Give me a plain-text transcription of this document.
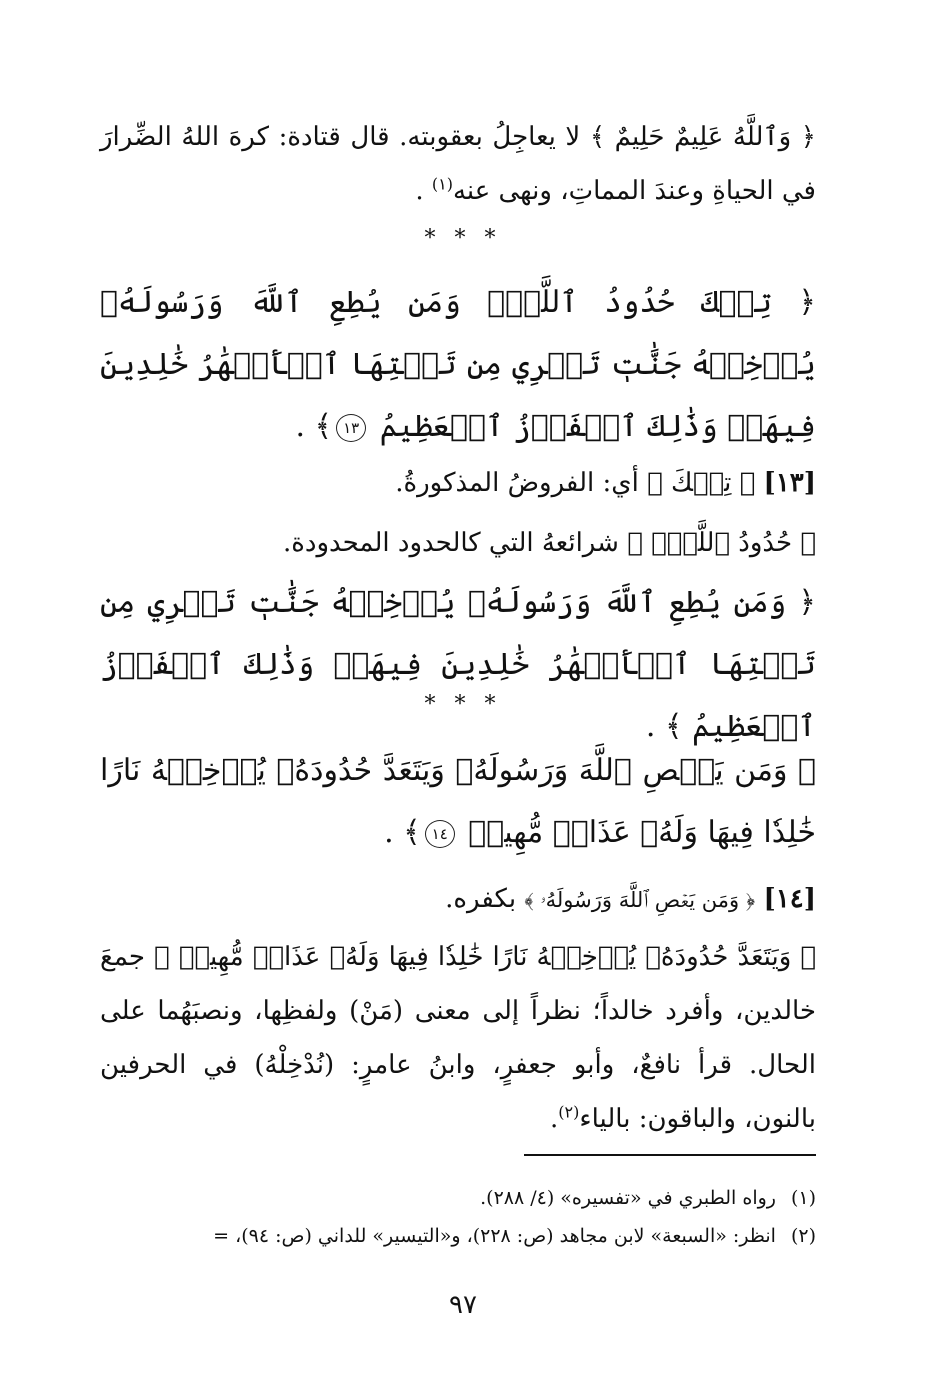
﴿ وَٱللَّهُ عَلِيمٌ حَلِيمٌ ﴾ لا يعاجِلُ بعقوبته. قال قتادة: كرهَ اللهُ الضِّرارَ في الحياةِ وعندَ المماتِ، ونهى عنه$^{(١)}$ .
* * *
﴿ تِلۡكَ حُدُودُ ٱللَّهِۚ وَمَن يُطِعِ ٱللَّهَ وَرَسُولَهُۥ يُدۡخِلۡهُ جَنَّٰتٖ تَجۡرِي مِن تَحۡتِهَا ٱلۡأَنۡهَٰرُ خَٰلِدِينَ فِيهَاۚ وَذَٰلِكَ ٱلۡفَوۡزُ ٱلۡعَظِيمُ ١٣﴾ .
[١٣] ﴿ تِلۡكَ ﴾ أي: الفروضُ المذكورةُ.
﴿ حُدُودُ ٱللَّهِۚ ﴾ شرائعهُ التي كالحدود المحدودة.
﴿ وَمَن يُطِعِ ٱللَّهَ وَرَسُولَهُۥ يُدۡخِلۡهُ جَنَّٰتٖ تَجۡرِي مِن تَحۡتِهَا ٱلۡأَنۡهَٰرُ خَٰلِدِينَ فِيهَاۚ وَذَٰلِكَ ٱلۡفَوۡزُ ٱلۡعَظِيمُ ﴾ .
* * *
﴿ وَمَن يَعۡصِ ٱللَّهَ وَرَسُولَهُۥ وَيَتَعَدَّ حُدُودَهُۥ يُدۡخِلۡهُ نَارًا خَٰلِدٗا فِيهَا وَلَهُۥ عَذَابٞ مُّهِينٞ ١٤﴾ .
[١٤] ﴿ وَمَن يَعۡصِ ٱللَّهَ وَرَسُولَهُۥ ﴾ بكفره.
﴿ وَيَتَعَدَّ حُدُودَهُۥ يُدۡخِلۡهُ نَارًا خَٰلِدٗا فِيهَا وَلَهُۥ عَذَابٞ مُّهِينٞ ﴾ جمعَ خالدين، وأفرد خالداً؛ نظراً إلى معنى (مَنْ) ولفظِها، ونصبَهُما على الحال. قرأ نافعٌ، وأبو جعفرٍ، وابنُ عامرٍ: (نُدْخِلْهُ) في الحرفين بالنون، والباقون: بالياء$^{(٢)}$.
(١) رواه الطبري في «تفسيره» (٤/ ٢٨٨).
(٢) انظر: «السبعة» لابن مجاهد (ص: ٢٢٨)، و«التيسير» للداني (ص: ٩٤)، =
٩٧
